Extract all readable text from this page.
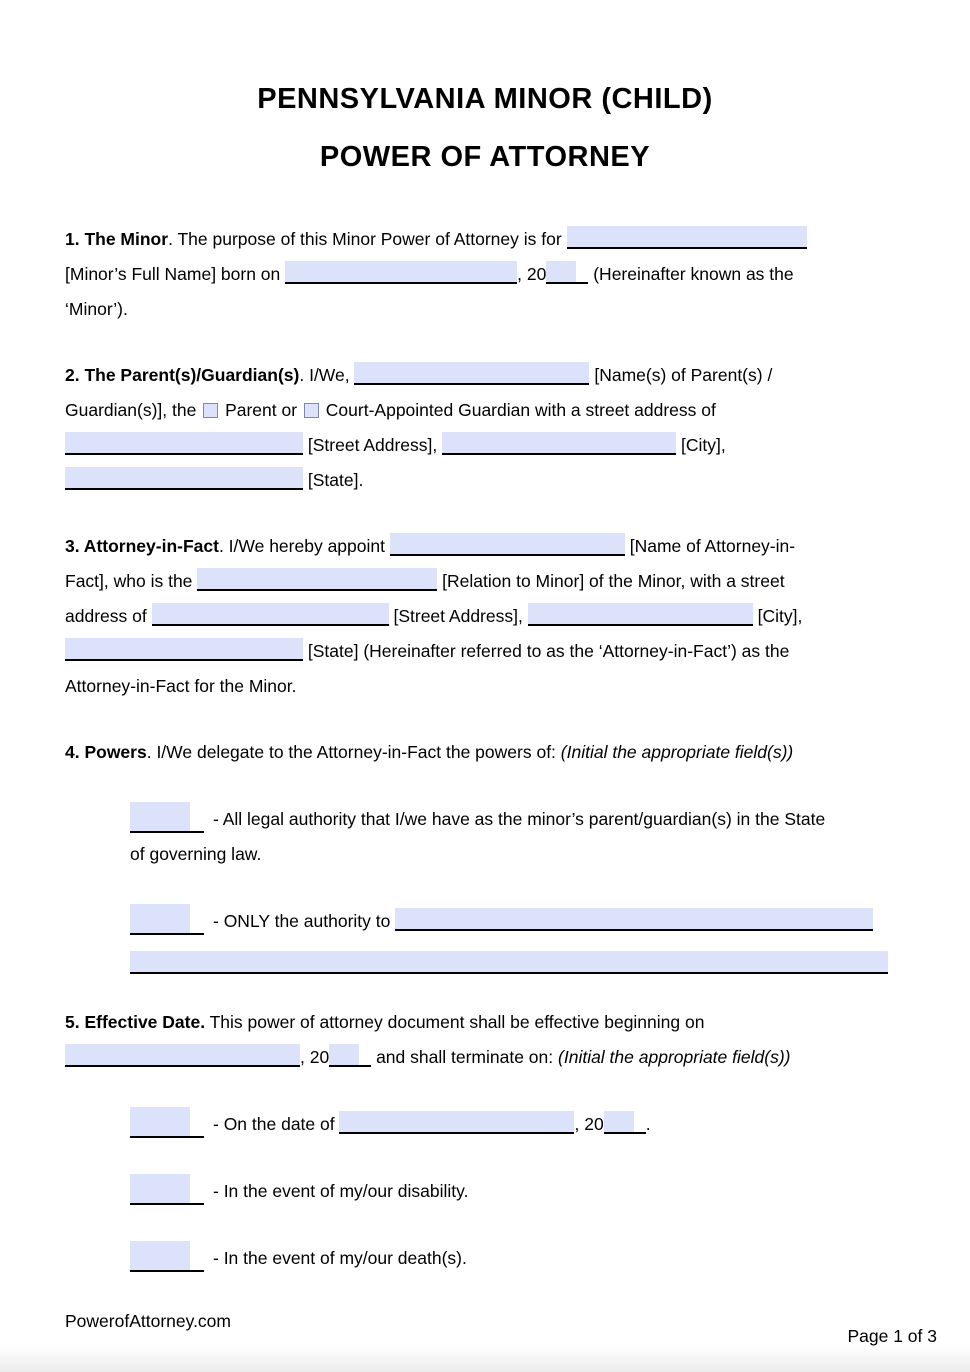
PENNSYLVANIA MINOR (CHILD)
POWER OF ATTORNEY
1. The Minor. The purpose of this Minor Power of Attorney is for
[Minor’s Full Name] born on	, 20	(Hereinafter known as the
‘Minor’).
2. The Parent(s)/Guardian(s). I/We,	[Name(s) of Parent(s) /
Guardian(s)], the Parent or Court-Appointed Guardian with a street address of
[Street Address],	[City],
[State].
3. Attorney-in-Fact. I/We hereby appoint	[Name of Attorney-in-
Fact], who is the	[Relation to Minor] of the Minor, with a street
address of	[Street Address],	[City],
[State] (Hereinafter referred to as the ‘Attorney-in-Fact’) as the
Attorney-in-Fact for the Minor.
4. Powers. I/We delegate to the Attorney-in-Fact the powers of: (Initial the appropriate field(s))
- All legal authority that I/we have as the minor’s parent/guardian(s) in the State
of governing law.
- ONLY the authority to
5. Effective Date. This power of attorney document shall be effective beginning on
, 20	and shall terminate on: (Initial the appropriate field(s))
- On the date of	, 20 .
- In the event of my/our disability.
- In the event of my/our death(s).
PowerofAttorney.com
Page 1 of 3
